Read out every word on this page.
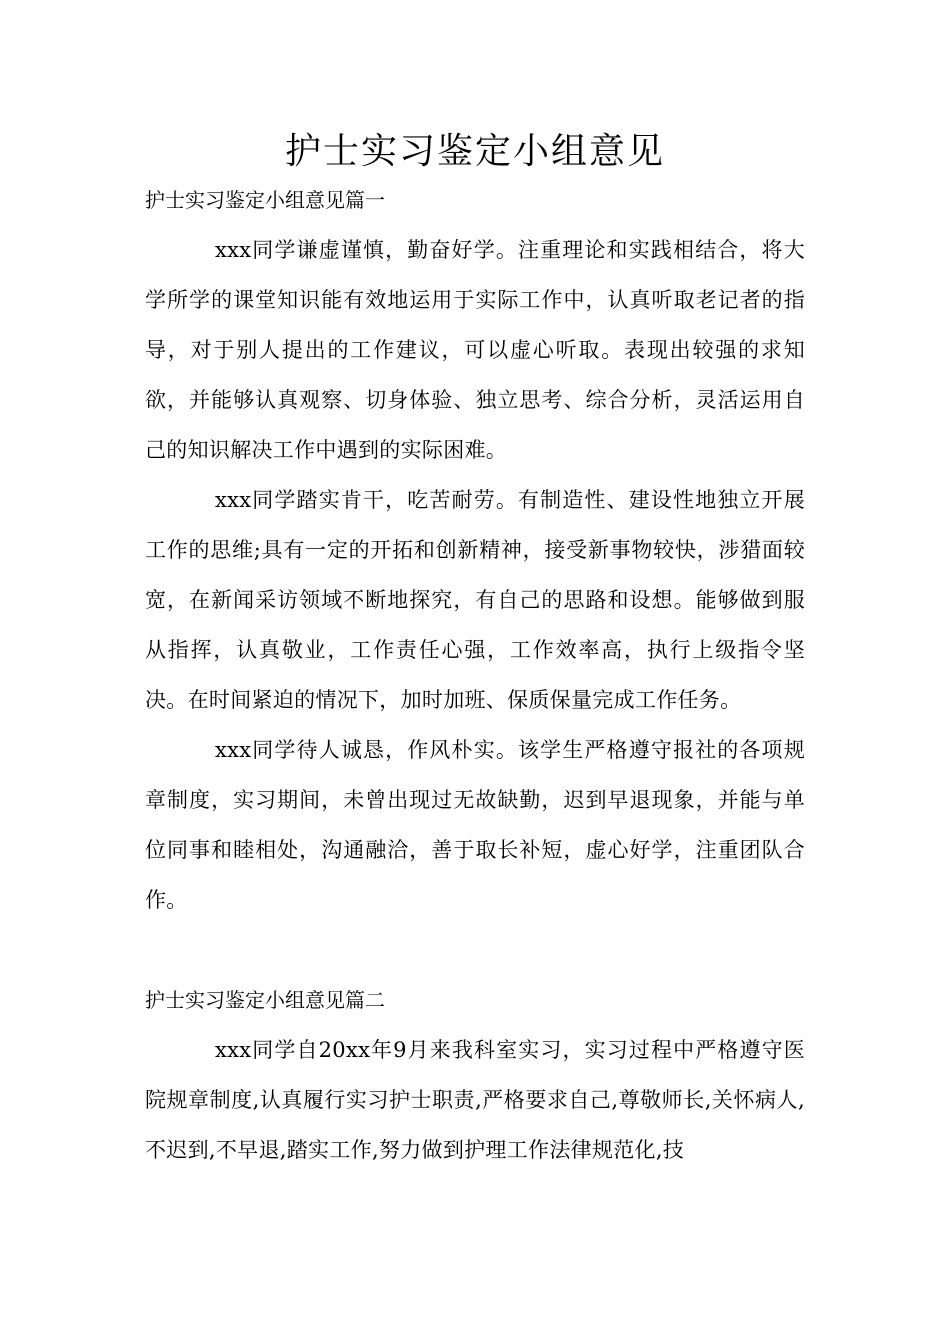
护士实习鉴定小组意见

护士实习鉴定小组意见篇一

xxx同学谦虚谨慎，勤奋好学。注重理论和实践相结合，将大学所学的课堂知识能有效地运用于实际工作中，认真听取老记者的指导，对于别人提出的工作建议，可以虚心听取。表现出较强的求知欲，并能够认真观察、切身体验、独立思考、综合分析，灵活运用自己的知识解决工作中遇到的实际困难。

xxx同学踏实肯干，吃苦耐劳。有制造性、建设性地独立开展工作的思维;具有一定的开拓和创新精神，接受新事物较快，涉猎面较宽，在新闻采访领域不断地探究，有自己的思路和设想。能够做到服从指挥，认真敬业，工作责任心强，工作效率高，执行上级指令坚决。在时间紧迫的情况下，加时加班、保质保量完成工作任务。

xxx同学待人诚恳，作风朴实。该学生严格遵守报社的各项规章制度，实习期间，未曾出现过无故缺勤，迟到早退现象，并能与单位同事和睦相处，沟通融洽，善于取长补短，虚心好学，注重团队合作。

护士实习鉴定小组意见篇二

xxx同学自20xx年9月来我科室实习，实习过程中严格遵守医院规章制度,认真履行实习护士职责,严格要求自己,尊敬师长,关怀病人,不迟到,不早退,踏实工作,努力做到护理工作法律规范化,技
